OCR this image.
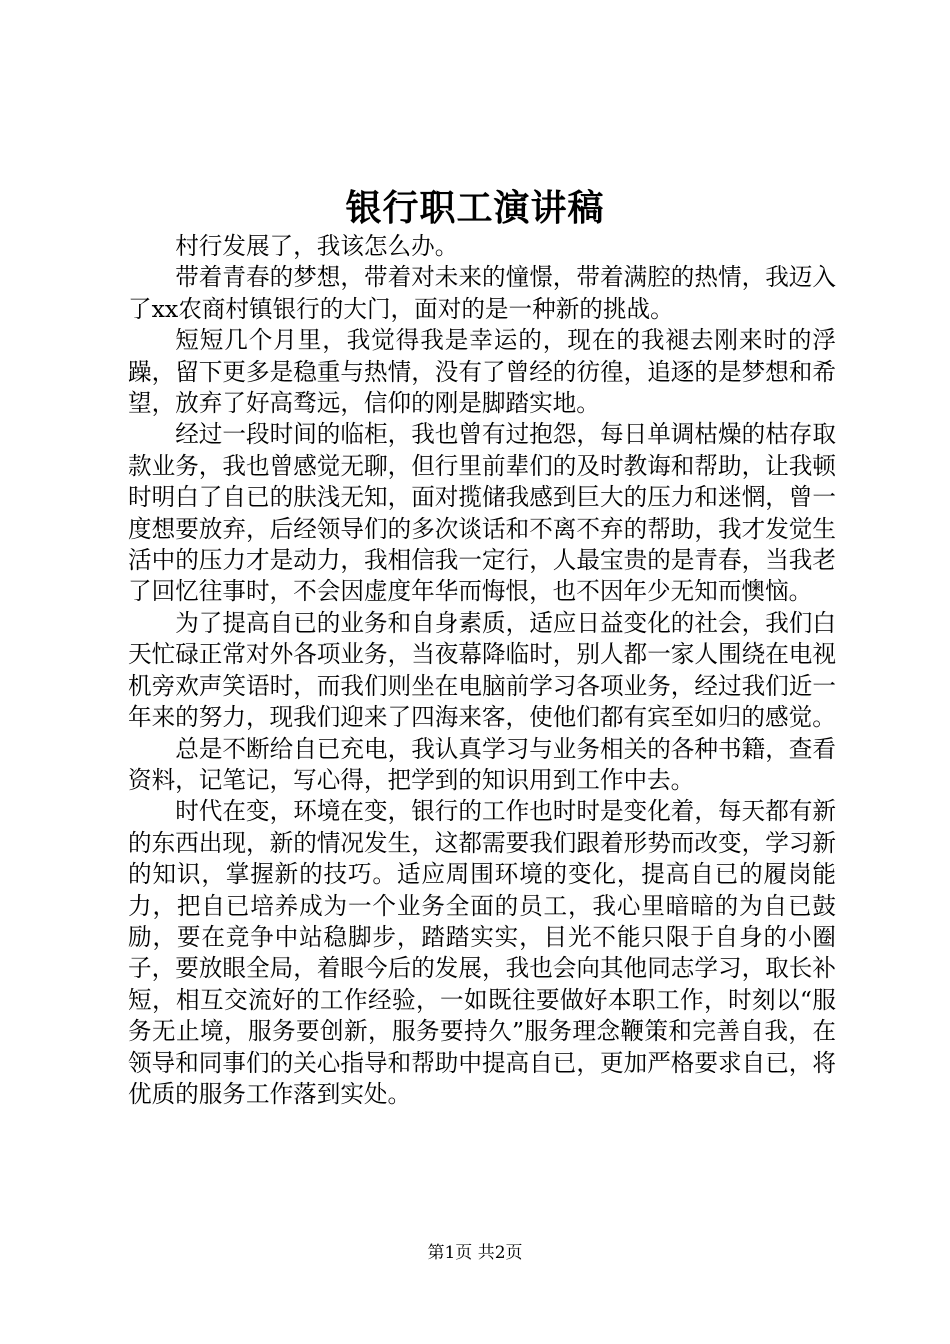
银行职工演讲稿

村行发展了，我该怎么办。

带着青春的梦想，带着对未来的憧憬，带着满腔的热情，我迈入了xx农商村镇银行的大门，面对的是一种新的挑战。

短短几个月里，我觉得我是幸运的，现在的我褪去刚来时的浮躁，留下更多是稳重与热情，没有了曾经的彷徨，追逐的是梦想和希望，放弃了好高骛远，信仰的刚是脚踏实地。

经过一段时间的临柜，我也曾有过抱怨，每日单调枯燥的枯存取款业务，我也曾感觉无聊，但行里前辈们的及时教诲和帮助，让我顿时明白了自已的肤浅无知，面对揽储我感到巨大的压力和迷惘，曾一度想要放弃，后经领导们的多次谈话和不离不弃的帮助，我才发觉生活中的压力才是动力，我相信我一定行，人最宝贵的是青春，当我老了回忆往事时，不会因虚度年华而悔恨，也不因年少无知而懊恼。

为了提高自已的业务和自身素质，适应日益变化的社会，我们白天忙碌正常对外各项业务，当夜幕降临时，别人都一家人围绕在电视机旁欢声笑语时，而我们则坐在电脑前学习各项业务，经过我们近一年来的努力，现我们迎来了四海来客，使他们都有宾至如归的感觉。

总是不断给自已充电，我认真学习与业务相关的各种书籍，查看资料，记笔记，写心得，把学到的知识用到工作中去。

时代在变，环境在变，银行的工作也时时是变化着，每天都有新的东西出现，新的情况发生，这都需要我们跟着形势而改变，学习新的知识，掌握新的技巧。适应周围环境的变化，提高自已的履岗能力，把自已培养成为一个业务全面的员工，我心里暗暗的为自已鼓励，要在竞争中站稳脚步，踏踏实实，目光不能只限于自身的小圈子，要放眼全局，着眼今后的发展，我也会向其他同志学习，取长补短，相互交流好的工作经验，一如既往要做好本职工作，时刻以“服务无止境，服务要创新，服务要持久”服务理念鞭策和完善自我，在领导和同事们的关心指导和帮助中提高自已，更加严格要求自已，将优质的服务工作落到实处。

第1页 共2页
